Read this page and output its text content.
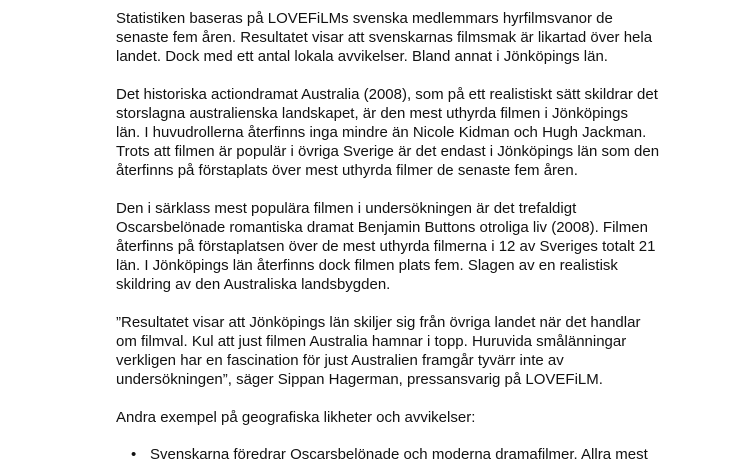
Statistiken baseras på LOVEFiLMs svenska medlemmars hyrfilmsvanor de
senaste fem åren. Resultatet visar att svenskarnas filmsmak är likartad över hela
landet. Dock med ett antal lokala avvikelser. Bland annat i Jönköpings län.

Det historiska actiondramat Australia (2008), som på ett realistiskt sätt skildrar det
storslagna australienska landskapet, är den mest uthyrda filmen i Jönköpings
län. I huvudrollerna återfinns inga mindre än Nicole Kidman och Hugh Jackman.
Trots att filmen är populär i övriga Sverige är det endast i Jönköpings län som den
återfinns på förstaplats över mest uthyrda filmer de senaste fem åren.

Den i särklass mest populära filmen i undersökningen är det trefaldigt
Oscarsbelönade romantiska dramat Benjamin Buttons otroliga liv (2008). Filmen
återfinns på förstaplatsen över de mest uthyrda filmerna i 12 av Sveriges totalt 21
län. I Jönköpings län återfinns dock filmen plats fem. Slagen av en realistisk
skildring av den Australiska landsbygden.

”Resultatet visar att Jönköpings län skiljer sig från övriga landet när det handlar
om filmval. Kul att just filmen Australia hamnar i topp. Huruvida smålänningar
verkligen har en fascination för just Australien framgår tyvärr inte av
undersökningen”, säger Sippan Hagerman, pressansvarig på LOVEFiLM.

Andra exempel på geografiska likheter och avvikelser:

• Svenskarna föredrar Oscarsbelönade och moderna dramafilmer. Allra mest
